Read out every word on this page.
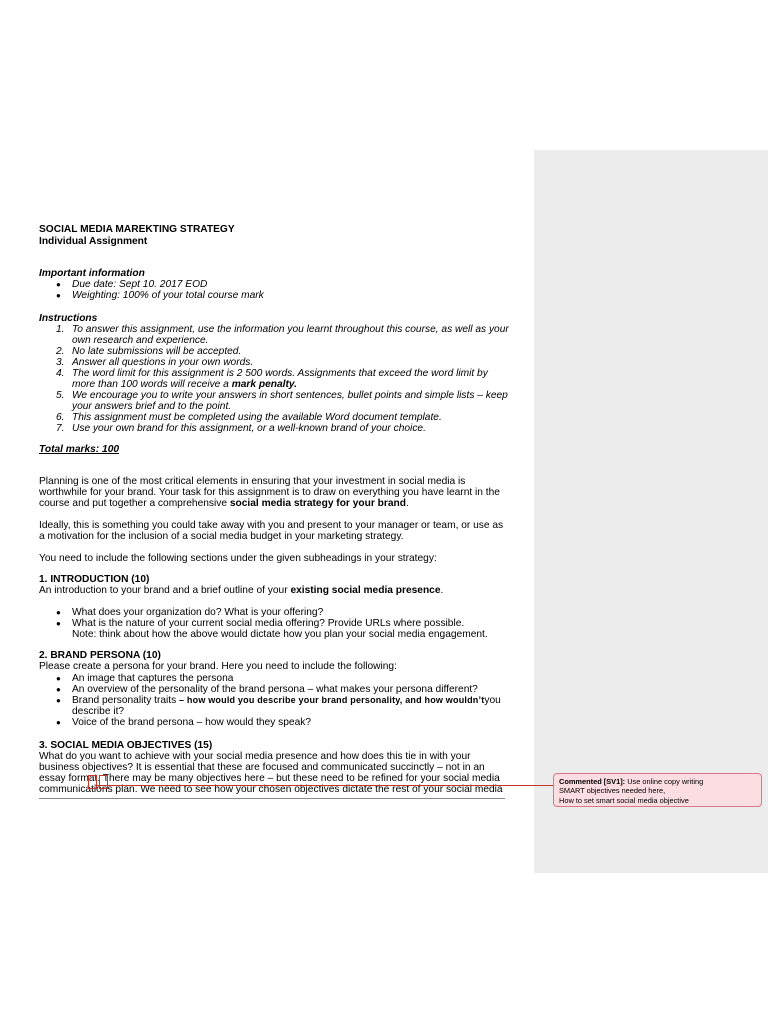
SOCIAL MEDIA MAREKTING STRATEGY
Individual Assignment
Important information
● Due date: Sept 10. 2017 EOD
● Weighting: 100% of your total course mark
Instructions
1. To answer this assignment, use the information you learnt throughout this course, as well as your
own research and experience.
2. No late submissions will be accepted.
3. Answer all questions in your own words.
4. The word limit for this assignment is 2 500 words. Assignments that exceed the word limit by
more than 100 words will receive a mark penalty.
5. We encourage you to write your answers in short sentences, bullet points and simple lists – keep
your answers brief and to the point.
6. This assignment must be completed using the available Word document template.
7. Use your own brand for this assignment, or a well-known brand of your choice.
Total marks: 100
Planning is one of the most critical elements in ensuring that your investment in social media is
worthwhile for your brand. Your task for this assignment is to draw on everything you have learnt in the
course and put together a comprehensive social media strategy for your brand.
Ideally, this is something you could take away with you and present to your manager or team, or use as
a motivation for the inclusion of a social media budget in your marketing strategy.
You need to include the following sections under the given subheadings in your strategy:
1. INTRODUCTION (10)
An introduction to your brand and a brief outline of your existing social media presence.
● What does your organization do? What is your offering?
● What is the nature of your current social media offering? Provide URLs where possible.
Note: think about how the above would dictate how you plan your social media engagement.
2. BRAND PERSONA (10)
Please create a persona for your brand. Here you need to include the following:
● An image that captures the persona
● An overview of the personality of the brand persona – what makes your persona different?
● Brand personality traits – how would you describe your brand personality, and how wouldn’tyou
describe it?
● Voice of the brand persona – how would they speak?
3. SOCIAL MEDIA OBJECTIVES (15)
What do you want to achieve with your social media presence and how does this tie in with your
business objectives? It is essential that these are focused and communicated succinctly – not in an
essay format. There may be many objectives here – but these need to be refined for your social media
communications plan. We need to see how your chosen objectives dictate the rest of your social media
Commented [SV1]: Use online copy writing
SMART objectives needed here,
How to set smart social media objective
